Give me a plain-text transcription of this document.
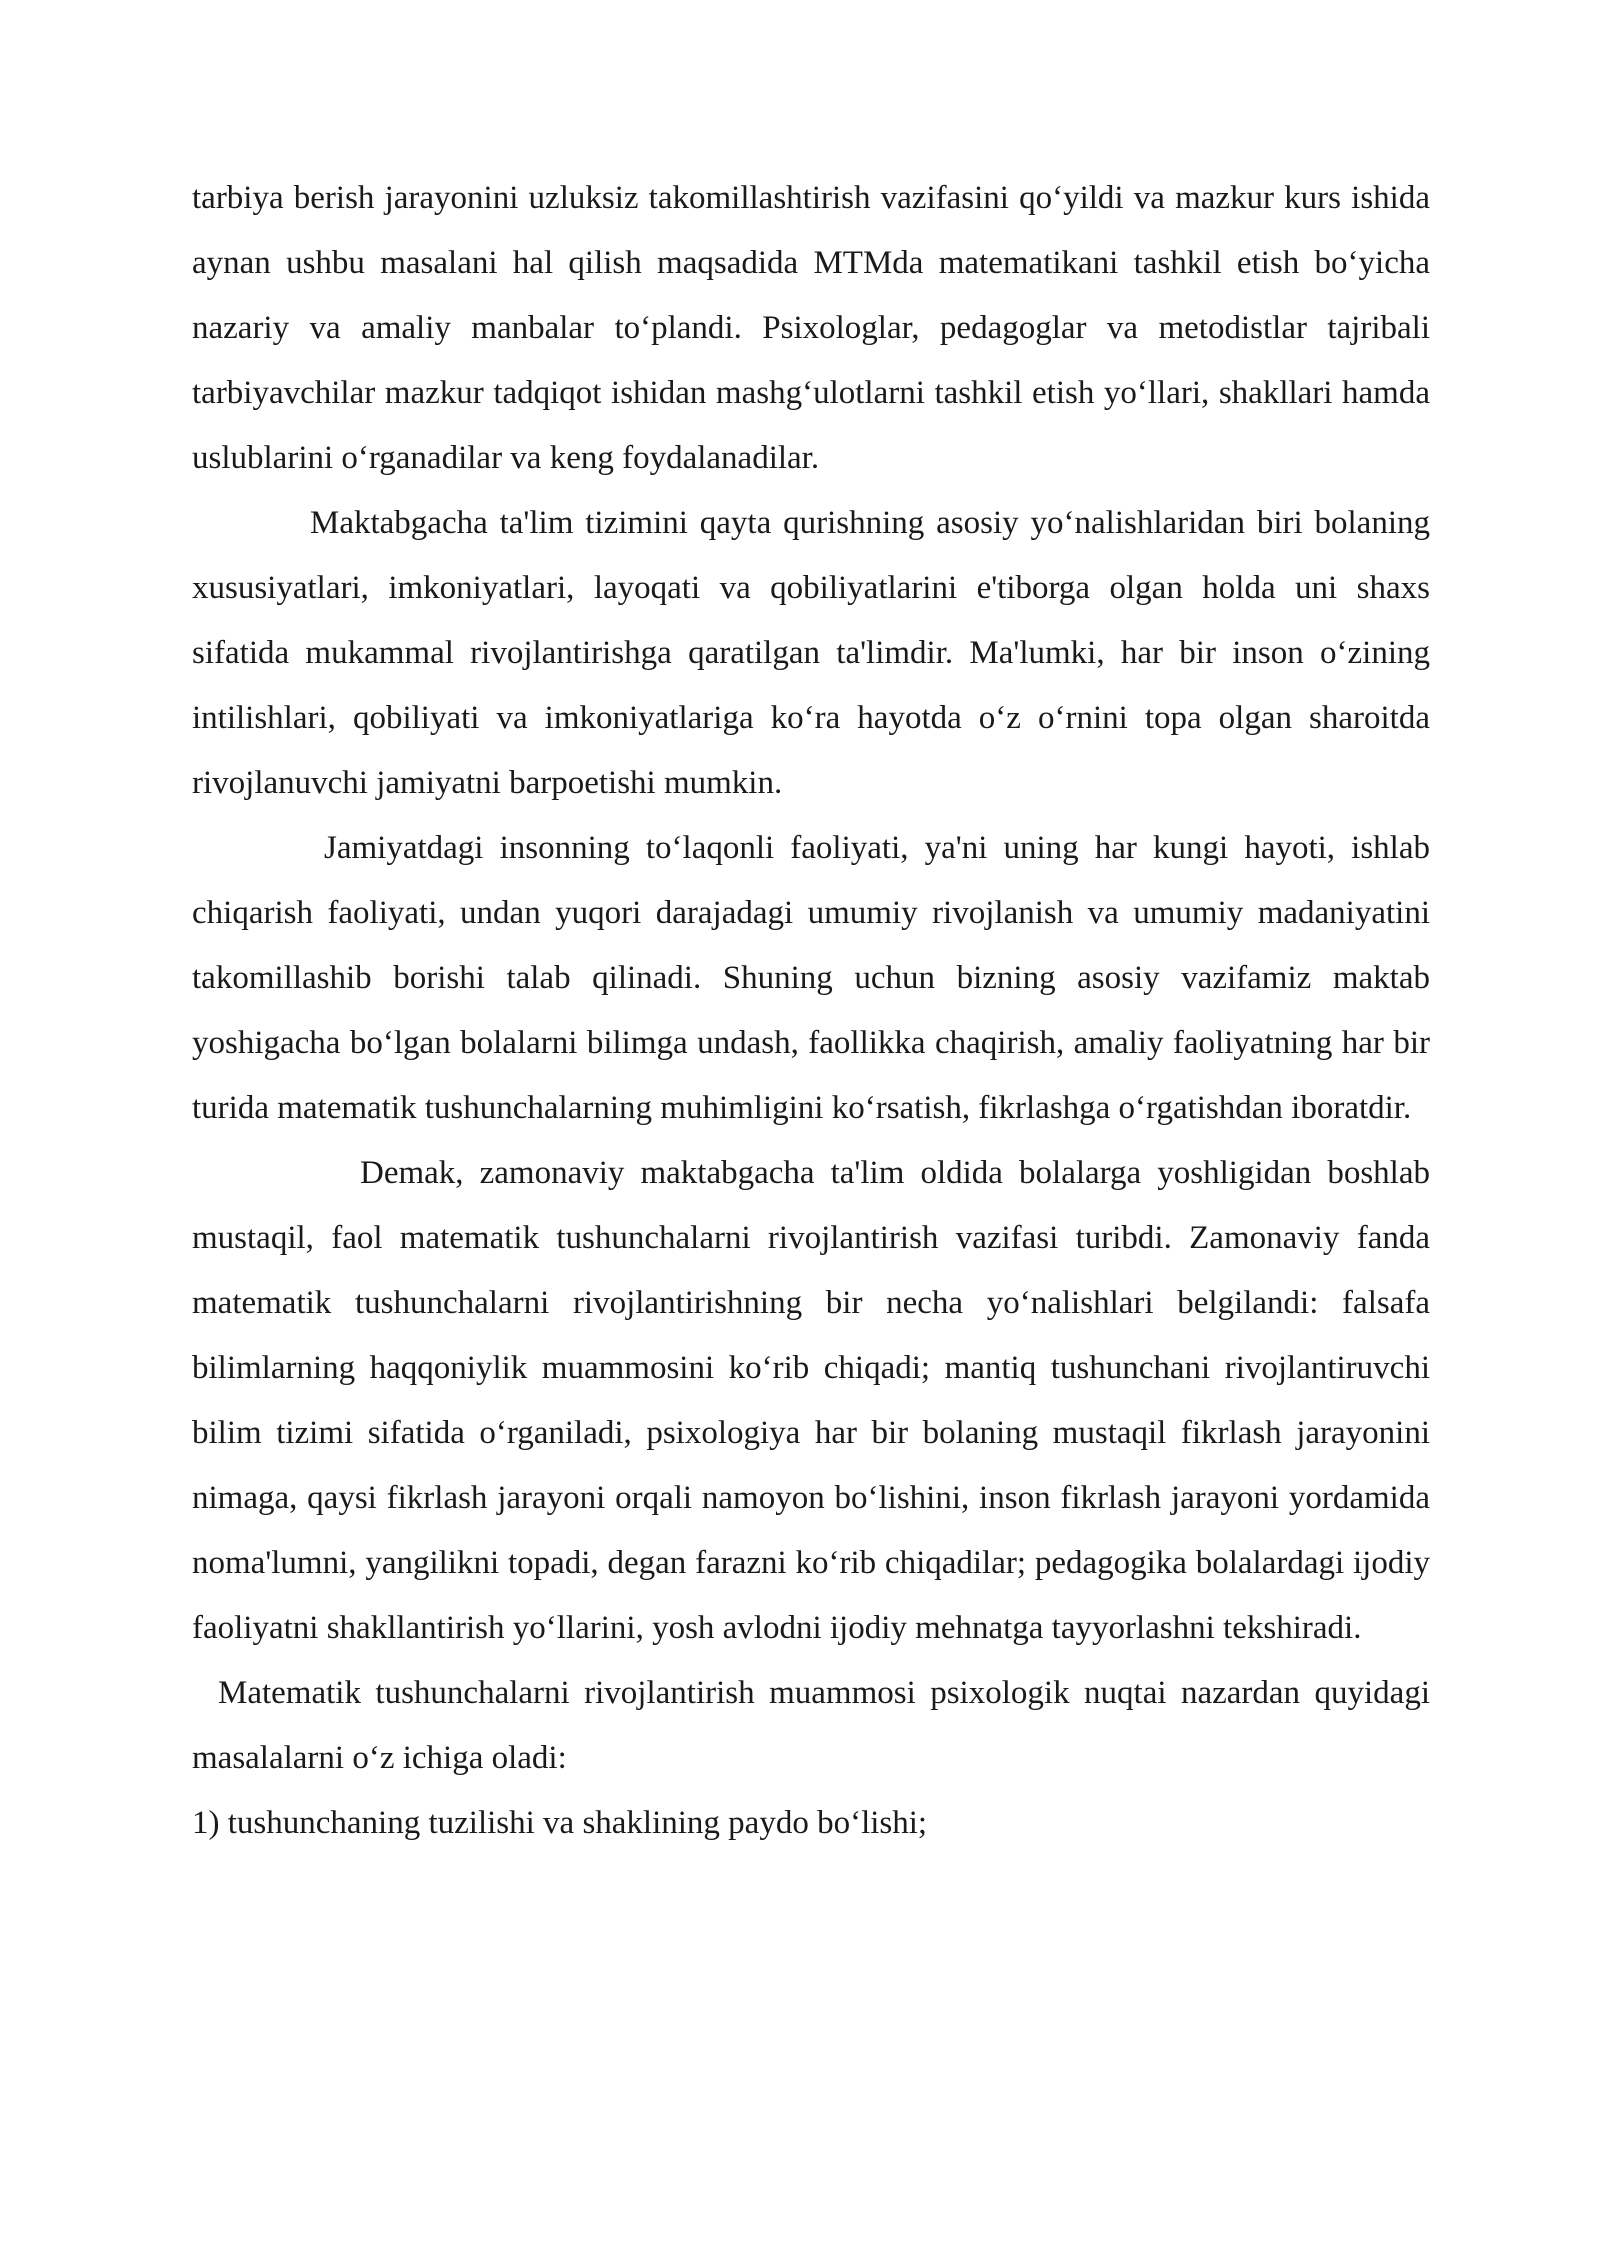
tarbiya berish jarayonini uzluksiz takomillashtirish vazifasini qo‘yildi va mazkur kurs ishida aynan ushbu masalani hal qilish maqsadida MTMda matematikani tashkil etish bo‘yicha nazariy va amaliy manbalar to‘plandi. Psixologlar, pedagoglar va metodistlar tajribali tarbiyavchilar mazkur tadqiqot ishidan mashg‘ulotlarni tashkil etish yo‘llari, shakllari hamda uslublarini o‘rganadilar va keng foydalanadilar.

Maktabgacha ta'lim tizimini qayta qurishning asosiy yo‘nalishlaridan biri bolaning xususiyatlari, imkoniyatlari, layoqati va qobiliyatlarini e'tiborga olgan holda uni shaxs sifatida mukammal rivojlantirishga qaratilgan ta'limdir. Ma'lumki, har bir inson o‘zining intilishlari, qobiliyati va imkoniyatlariga ko‘ra hayotda o‘z o‘rnini topa olgan sharoitda rivojlanuvchi jamiyatni barpoetishi mumkin.

Jamiyatdagi insonning to‘laqonli faoliyati, ya'ni uning har kungi hayoti, ishlab chiqarish faoliyati, undan yuqori darajadagi umumiy rivojlanish va umumiy madaniyatini takomillashib borishi talab qilinadi. Shuning uchun bizning asosiy vazifamiz maktab yoshigacha bo‘lgan bolalarni bilimga undash, faollikka chaqirish, amaliy faoliyatning har bir turida matematik tushunchalarning muhimligini ko‘rsatish, fikrlashga o‘rgatishdan iboratdir.

Demak, zamonaviy maktabgacha ta'lim oldida bolalarga yoshligidan boshlab mustaqil, faol matematik tushunchalarni rivojlantirish vazifasi turibdi. Zamonaviy fanda matematik tushunchalarni rivojlantirishning bir necha yo‘nalishlari belgilandi: falsafa bilimlarning haqqoniylik muammosini ko‘rib chiqadi; mantiq tushunchani rivojlantiruvchi bilim tizimi sifatida o‘rganiladi, psixologiya har bir bolaning mustaqil fikrlash jarayonini nimaga, qaysi fikrlash jarayoni orqali namoyon bo‘lishini, inson fikrlash jarayoni yordamida noma'lumni, yangilikni topadi, degan farazni ko‘rib chiqadilar; pedagogika bolalardagi ijodiy faoliyatni shakllantirish yo‘llarini, yosh avlodni ijodiy mehnatga tayyorlashni tekshiradi.

Matematik tushunchalarni rivojlantirish muammosi psixologik nuqtai nazardan quyidagi masalalarni o‘z ichiga oladi:

1) tushunchaning tuzilishi va shaklining paydo bo‘lishi;
